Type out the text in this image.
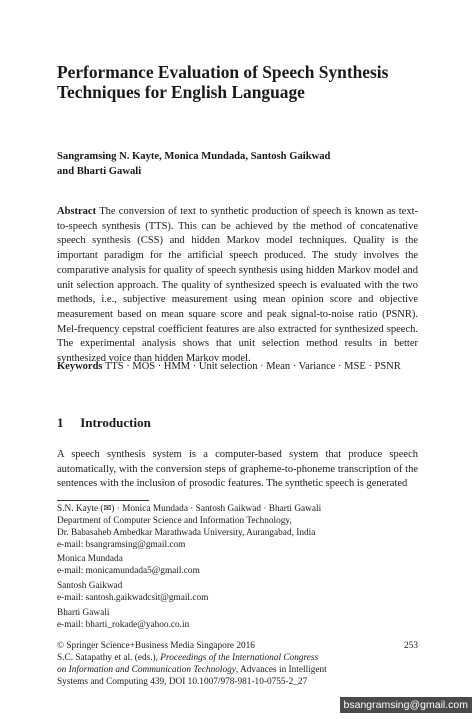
Performance Evaluation of Speech Synthesis Techniques for English Language
Sangramsing N. Kayte, Monica Mundada, Santosh Gaikwad
and Bharti Gawali
Abstract The conversion of text to synthetic production of speech is known as text-to-speech synthesis (TTS). This can be achieved by the method of concatenative speech synthesis (CSS) and hidden Markov model techniques. Quality is the important paradigm for the artificial speech produced. The study involves the comparative analysis for quality of speech synthesis using hidden Markov model and unit selection approach. The quality of synthesized speech is evaluated with the two methods, i.e., subjective measurement using mean opinion score and objective measurement based on mean square score and peak signal-to-noise ratio (PSNR). Mel-frequency cepstral coefficient features are also extracted for synthesized speech. The experimental analysis shows that unit selection method results in better synthesized voice than hidden Markov model.
Keywords TTS · MOS · HMM · Unit selection · Mean · Variance · MSE · PSNR
1 Introduction
A speech synthesis system is a computer-based system that produce speech automatically, with the conversion steps of grapheme-to-phoneme transcription of the sentences with the inclusion of prosodic features. The synthetic speech is generated
S.N. Kayte (✉) · Monica Mundada · Santosh Gaikwad · Bharti Gawali
Department of Computer Science and Information Technology,
Dr. Babasaheb Ambedkar Marathwada University, Aurangabad, India
e-mail: bsangramsing@gmail.com
Monica Mundada
e-mail: monicamundada5@gmail.com
Santosh Gaikwad
e-mail: santosh.gaikwadcsit@gmail.com
Bharti Gawali
e-mail: bharti_rokade@yahoo.co.in
© Springer Science+Business Media Singapore 2016
S.C. Satapathy et al. (eds.), Proceedings of the International Congress
on Information and Communication Technology, Advances in Intelligent
Systems and Computing 439, DOI 10.1007/978-981-10-0755-2_27
253
bsangramsing@gmail.com
